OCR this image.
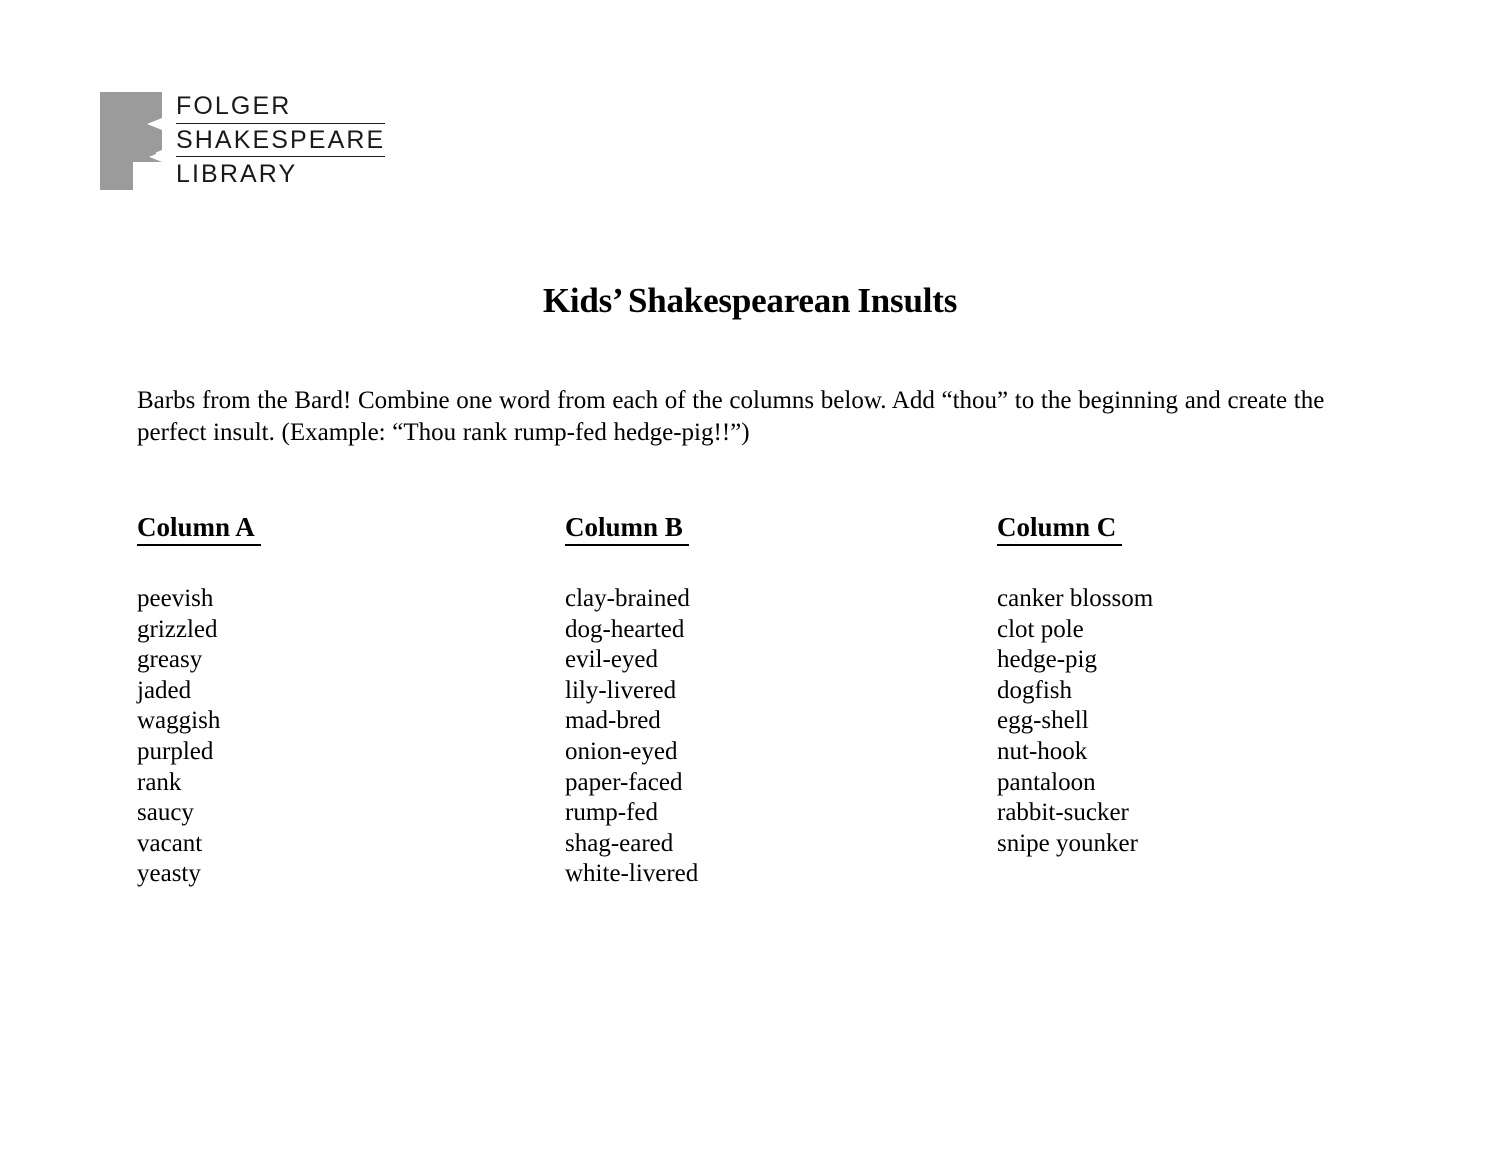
FOLGER
SHAKESPEARE
LIBRARY
Kids’ Shakespearean Insults

Barbs from the Bard! Combine one word from each of the columns below. Add “thou” to the beginning and create the perfect insult. (Example: “Thou rank rump-fed hedge-pig!!”)

Column A
peevish
grizzled
greasy
jaded
waggish
purpled
rank
saucy
vacant
yeasty
Column B
clay-brained
dog-hearted
evil-eyed
lily-livered
mad-bred
onion-eyed
paper-faced
rump-fed
shag-eared
white-livered
Column C
canker blossom
clot pole
hedge-pig
dogfish
egg-shell
nut-hook
pantaloon
rabbit-sucker
snipe younker
